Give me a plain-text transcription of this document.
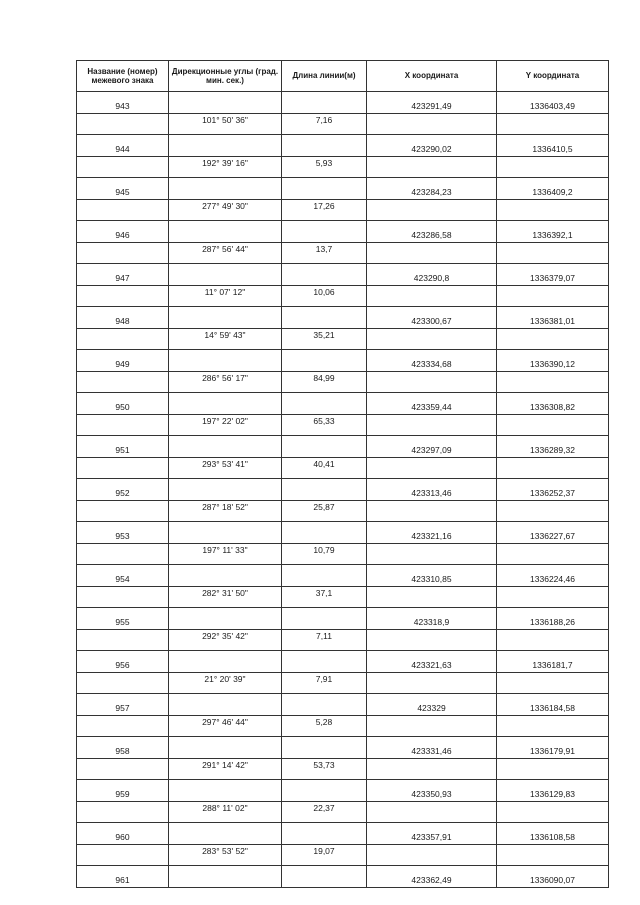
Название (номер) межевого знака	Дирекционные углы (град. мин. сек.)	Длина линии(м)	X координата	Y координата
943			423291,49	1336403,49
	101° 50' 36"	7,16		
944			423290,02	1336410,5
	192° 39' 16"	5,93		
945			423284,23	1336409,2
	277° 49' 30"	17,26		
946			423286,58	1336392,1
	287° 56' 44"	13,7		
947			423290,8	1336379,07
	11° 07' 12"	10,06		
948			423300,67	1336381,01
	14° 59' 43"	35,21		
949			423334,68	1336390,12
	286° 56' 17"	84,99		
950			423359,44	1336308,82
	197° 22' 02"	65,33		
951			423297,09	1336289,32
	293° 53' 41"	40,41		
952			423313,46	1336252,37
	287° 18' 52"	25,87		
953			423321,16	1336227,67
	197° 11' 33"	10,79		
954			423310,85	1336224,46
	282° 31' 50"	37,1		
955			423318,9	1336188,26
	292° 35' 42"	7,11		
956			423321,63	1336181,7
	21° 20' 39"	7,91		
957			423329	1336184,58
	297° 46' 44"	5,28		
958			423331,46	1336179,91
	291° 14' 42"	53,73		
959			423350,93	1336129,83
	288° 11' 02"	22,37		
960			423357,91	1336108,58
	283° 53' 52"	19,07		
961			423362,49	1336090,07
